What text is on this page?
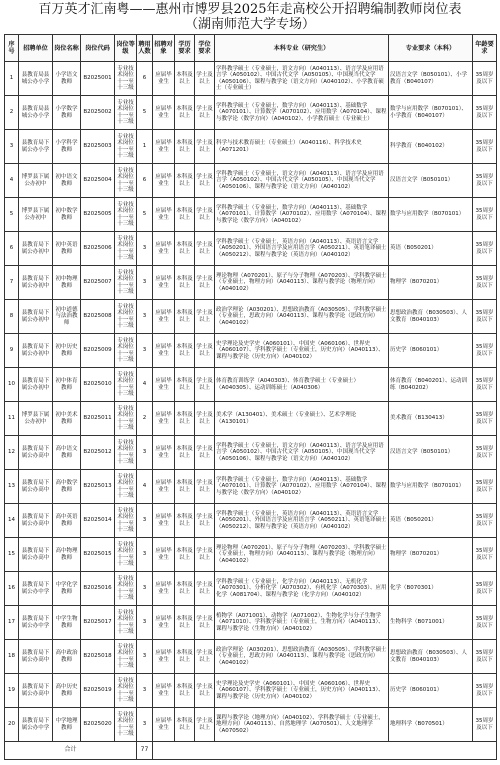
百万英才汇南粤——惠州市博罗县2025年走高校公开招聘编制教师岗位表
（湖南师范大学专场）
序号	招聘单位	岗位名称	岗位代码	岗位等级	聘用人数	招聘对象	学历要求	学位要求	本科专业（研究生）	专业要求（本科）	年龄要求
1	县教育局县城公办小学	小学语文教师	B2025001	专业技术岗位十一至十三级	6	应届毕业生	本科及以上	学士及以上	学科教学硕士（专业硕士，语文方向）（A040113）、语言学及应用语言学（A050102）、中国古代文学（A050105）、中国现当代文学（A050106）、课程与教学论（语文方向）（A040102）、小学教育硕士（专业硕士）	汉语言文学（B050101）、小学教育（B040107）	35周岁及以下
2	县教育局县城公办小学	小学数学教师	B2025002	专业技术岗位十一至十三级	5	应届毕业生	本科及以上	学士及以上	学科教学硕士（专业硕士，数学方向）（A040113）、基础数学（A070101）、计算数学（A070102）、应用数学（A070104）、课程与教学论（数学方向）（A040102）、小学教育硕士（专业硕士）	数学与应用数学（B070101）、小学教育（B040107）	35周岁及以下
3	县教育局下属公办小学	小学科学教师	B2025003	专业技术岗位十一至十三级	1	应届毕业生	本科及以上	学士及以上	科学与技术教育硕士（专业硕士）（A040116）、科学技术史（A071201）	科学教育（B040102）	35周岁及以下
4	博罗县下属公办初中	初中语文教师	B2025004	专业技术岗位十一至十三级	6	应届毕业生	本科及以上	学士及以上	学科教学硕士（专业硕士，语文方向）（A040113）、语言学及应用语言学（A050102）、中国古代文学（A050105）、中国现当代文学（A050106）、课程与教学论（语文方向）（A040102）	汉语言文学（B050101）	35周岁及以下
5	博罗县下属公办初中	初中数学教师	B2025005	专业技术岗位十一至十三级	5	应届毕业生	本科及以上	学士及以上	学科教学硕士（专业硕士，数学方向）（A040113）、基础数学（A070101）、计算数学（A070102）、应用数学（A070104）、课程与教学论（数学方向）（A040102）	数学与应用数学（B070101）	35周岁及以下
6	县教育局下属公办初中	初中英语教师	B2025006	专业技术岗位十一至十三级	3	应届毕业生	本科及以上	学士及以上	学科教学硕士（专业硕士，英语方向）（A040113）、英语语言文学（A050201）、外国语言学及应用语言学（A050211）、英语笔译硕士（A050212）、课程与教学论（英语方向）（A040102）	英语（B050201）	35周岁及以下
7	县教育局下属公办初中	初中物理教师	B2025007	专业技术岗位十一至十三级	3	应届毕业生	本科及以上	学士及以上	理论物理（A070201）、原子与分子物理（A070203）、学科教学硕士（专业硕士，物理方向）（A040113）、课程与教学论（物理方向）（A040102）	物理学（B070201）	35周岁及以下
8	县教育局下属公办初中	初中道德与法治教师	B2025008	专业技术岗位十一至十三级	3	应届毕业生	本科及以上	学士及以上	政治学理论（A030201）、思想政治教育（A030505）、学科教学硕士（专业硕士，思政方向）（A040113）、课程与教学论（思政方向）（A040102）	思想政治教育（B030503）、人文教育（B040103）	35周岁及以下
9	县教育局下属公办初中	初中历史教师	B2025009	专业技术岗位十一至十三级	3	应届毕业生	本科及以上	学士及以上	史学理论及史学史（A060101）、中国史（A060106）、世界史（A060107）、学科教学硕士（专业硕士，历史方向）（A040113）、课程与教学论（历史方向）（A040102）	历史学（B060101）	35周岁及以下
10	县教育局下属公办初中	初中体育教师	B2025010	专业技术岗位十一至十三级	4	应届毕业生	本科及以上	学士及以上	体育教育训练学（A040303）、体育教学硕士（专业硕士）（A040305）、运动训练硕士（A040306）	体育教育（B040201）、运动训练（B040202）	35周岁及以下
11	博罗县下属公办初中	初中美术教师	B2025011	专业技术岗位十一至十三级	2	应届毕业生	本科及以上	学士及以上	美术学（A130401）、美术硕士（专业硕士）、艺术学理论（A130101）	美术教育（B130413）	35周岁及以下
12	县教育局下属公办高中	高中语文教师	B2025012	专业技术岗位十一至十三级	3	应届毕业生	本科及以上	学士及以上	学科教学硕士（专业硕士，语文方向）（A040113）、语言学及应用语言学（A050102）、中国古代文学（A050105）、中国现当代文学（A050106）、课程与教学论（语文方向）（A040102）	汉语言文学（B050101）	35周岁及以下
13	县教育局下属公办高中	高中数学教师	B2025013	专业技术岗位十一至十三级	4	应届毕业生	本科及以上	学士及以上	学科教学硕士（专业硕士，数学方向）（A040113）、基础数学（A070101）、计算数学（A070102）、应用数学（A070104）、课程与教学论（数学方向）（A040102）	数学与应用数学（B070101）	35周岁及以下
14	县教育局下属公办高中	高中英语教师	B2025014	专业技术岗位十一至十三级	3	应届毕业生	本科及以上	学士及以上	学科教学硕士（专业硕士，英语方向）（A040113）、英语语言文学（A050201）、外国语言学及应用语言学（A050211）、英语笔译硕士（A050212）、课程与教学论（英语方向）（A040102）	英语（B050201）	35周岁及以下
15	县教育局下属公办高中	高中物理教师	B2025015	专业技术岗位十一至十三级	3	应届毕业生	本科及以上	学士及以上	理论物理（A070201）、原子与分子物理（A070203）、学科教学硕士（专业硕士，物理方向）（A040113）、课程与教学论（物理方向）（A040102）	物理学（B070201）	35周岁及以下
16	县教育局下属公办中学	中学化学教师	B2025016	专业技术岗位十一至十三级	3	应届毕业生	本科及以上	学士及以上	学科教学硕士（专业硕士，化学方向）（A040113）、无机化学（A070301）、分析化学（A070302）、有机化学（A070303）、应用化学（A081704）、课程与教学论（化学方向）（A040102）	化学（B070301）	35周岁及以下
17	县教育局下属公办中学	中学生物教师	B2025017	专业技术岗位十一至十三级	3	应届毕业生	本科及以上	学士及以上	植物学（A071001）、动物学（A071002）、生物化学与分子生物学（A071010）、学科教学硕士（专业硕士，生物方向）（A040113）、课程与教学论（生物方向）（A040102）	生物科学（B071001）	35周岁及以下
18	县教育局下属公办高中	高中政治教师	B2025018	专业技术岗位十一至十三级	3	应届毕业生	本科及以上	学士及以上	政治学理论（A030201）、思想政治教育（A030505）、学科教学硕士（专业硕士，思政方向）（A040113）、课程与教学论（思政方向）（A040102）	思想政治教育（B030503）、人文教育（B040103）	35周岁及以下
19	县教育局下属公办高中	高中历史教师	B2025019	专业技术岗位十一至十三级	3	应届毕业生	本科及以上	学士及以上	史学理论及史学史（A060101）、中国史（A060106）、世界史（A060107）、学科教学硕士（专业硕士，历史方向）（A040113）、课程与教学论（历史方向）（A040102）	历史学（B060101）	35周岁及以下
20	县教育局下属公办中学	中学地理教师	B2025020	专业技术岗位十一至十三级	3	应届毕业生	本科及以上	学士及以上	课程与教学论（地理方向）（A040102）、学科教学硕士（专业硕士，地理方向）（A040113）、自然地理学（A070501）、人文地理学（A070502）	地理科学（B070501）	35周岁及以下
合计					77						
